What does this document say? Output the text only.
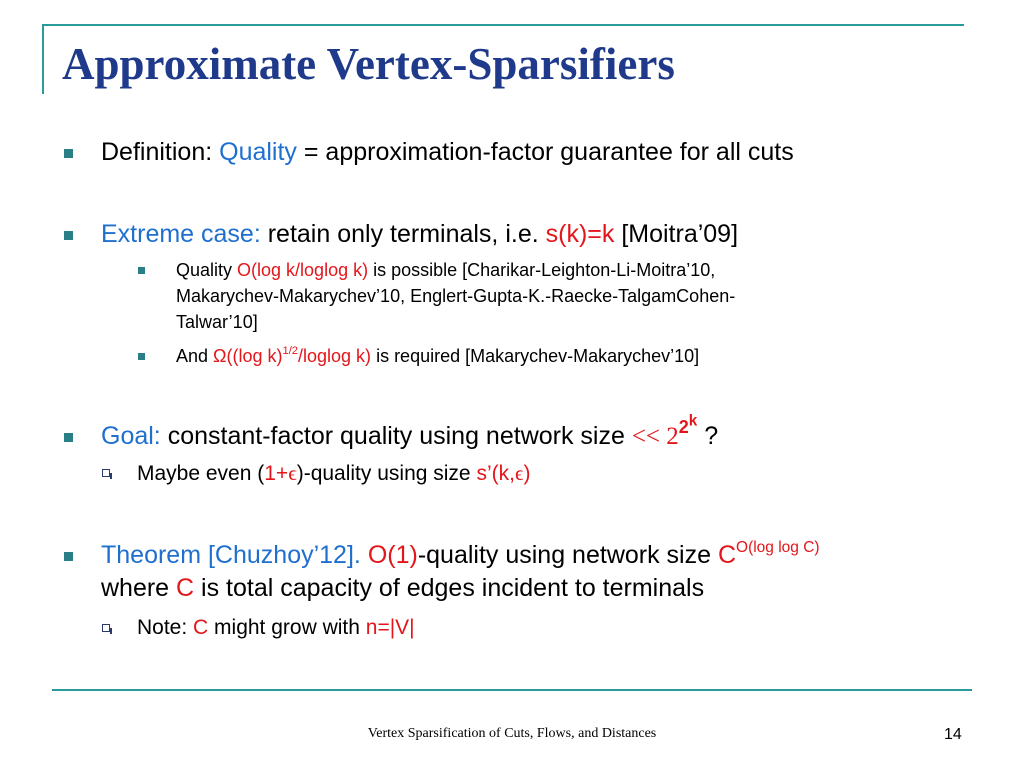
Approximate Vertex-Sparsifiers
Definition: Quality = approximation-factor guarantee for all cuts
Extreme case: retain only terminals, i.e. s(k)=k [Moitra’09]
Quality O(log k/loglog k) is possible [Charikar-Leighton-Li-Moitra’10,
Makarychev-Makarychev’10, Englert-Gupta-K.-Raecke-TalgamCohen-
Talwar’10]
And Ω((log k)$^{1/2}$/loglog k) is required [Makarychev-Makarychev’10]
Goal: constant-factor quality using network size << $2^{2^k}$ ?
Maybe even (1+ϵ)-quality using size s’(k,ϵ)
Theorem [Chuzhoy’12]. O(1)-quality using network size $C^{O(log log C)}$
where C is total capacity of edges incident to terminals
Note: C might grow with n=|V|
Vertex Sparsification of Cuts, Flows, and Distances	14
